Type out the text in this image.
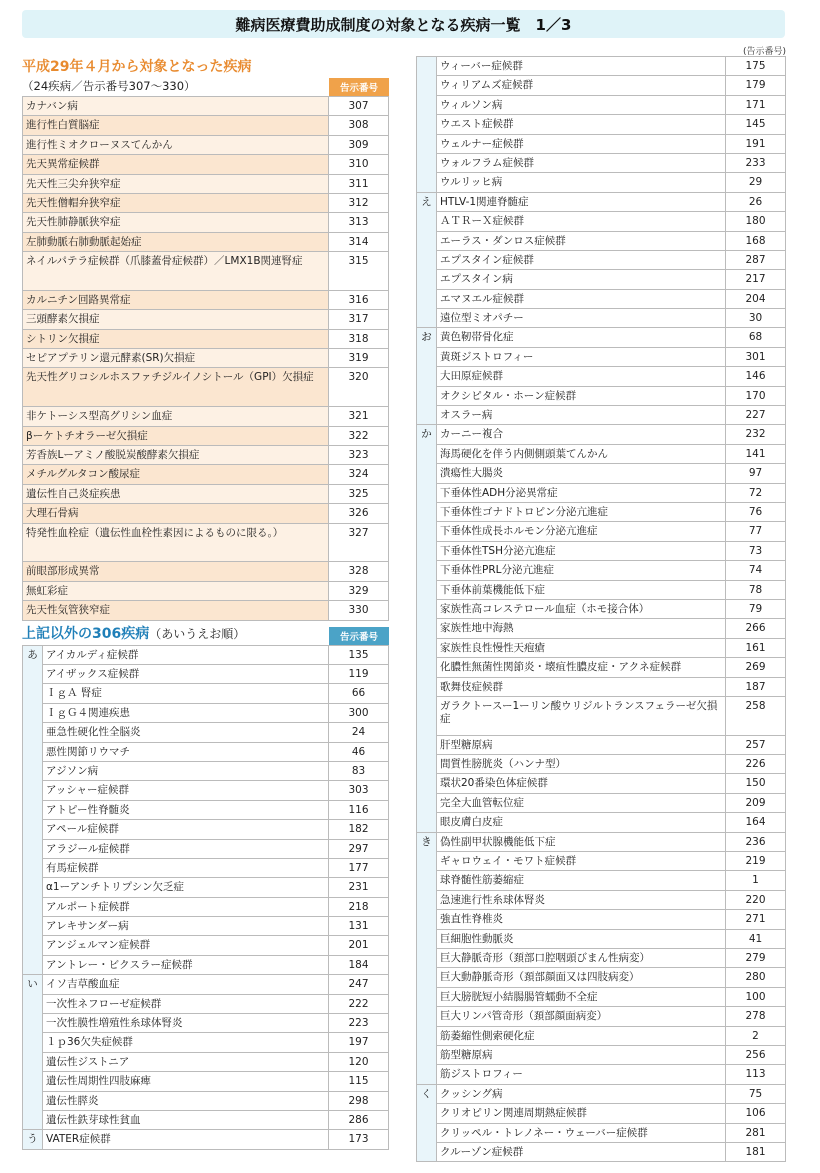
難病医療費助成制度の対象となる疾病一覧　1／3
平成29年４月から対象となった疾病
（24疾病／告示番号307～330）	告示番号
カナバン病	307
進行性白質脳症	308
進行性ミオクローヌスてんかん	309
先天異常症候群	310
先天性三尖弁狭窄症	311
先天性僧帽弁狭窄症	312
先天性肺静脈狭窄症	313
左肺動脈右肺動脈起始症	314
ネイルパテラ症候群（爪膝蓋骨症候群）／LMX1B関連腎症	315
カルニチン回路異常症	316
三頭酵素欠損症	317
シトリン欠損症	318
セピアプテリン還元酵素(SR)欠損症	319
先天性グリコシルホスファチジルイノシトール（GPI）欠損症	320
非ケトーシス型高グリシン血症	321
βーケトチオラーゼ欠損症	322
芳香族Lーアミノ酸脱炭酸酵素欠損症	323
メチルグルタコン酸尿症	324
遺伝性自己炎症疾患	325
大理石骨病	326
特発性血栓症（遺伝性血栓性素因によるものに限る。）	327
前眼部形成異常	328
無虹彩症	329
先天性気管狭窄症	330
上記以外の306疾病（あいうえお順）	告示番号
あ	アイカルディ症候群	135
	アイザックス症候群	119
	ＩｇＡ 腎症	66
	ＩｇＧ４関連疾患	300
	亜急性硬化性全脳炎	24
	悪性関節リウマチ	46
	アジソン病	83
	アッシャー症候群	303
	アトピー性脊髄炎	116
	アペール症候群	182
	アラジール症候群	297
	有馬症候群	177
	α1ーアンチトリプシン欠乏症	231
	アルポート症候群	218
	アレキサンダー病	131
	アンジェルマン症候群	201
	アントレー・ビクスラー症候群	184
い	イソ吉草酸血症	247
	一次性ネフローゼ症候群	222
	一次性膜性増殖性糸球体腎炎	223
	１ｐ36欠失症候群	197
	遺伝性ジストニア	120
	遺伝性周期性四肢麻痺	115
	遺伝性膵炎	298
	遺伝性鉄芽球性貧血	286
う	VATER症候群	173
(告示番号)
	ウィーバー症候群	175
	ウィリアムズ症候群	179
	ウィルソン病	171
	ウエスト症候群	145
	ウェルナー症候群	191
	ウォルフラム症候群	233
	ウルリッヒ病	29
え	HTLV-1関連脊髄症	26
	ＡＴＲーＸ症候群	180
	エーラス・ダンロス症候群	168
	エプスタイン症候群	287
	エプスタイン病	217
	エマヌエル症候群	204
	遠位型ミオパチー	30
お	黄色靭帯骨化症	68
	黄斑ジストロフィー	301
	大田原症候群	146
	オクシピタル・ホーン症候群	170
	オスラー病	227
か	カーニー複合	232
	海馬硬化を伴う内側側頭葉てんかん	141
	潰瘍性大腸炎	97
	下垂体性ADH分泌異常症	72
	下垂体性ゴナドトロピン分泌亢進症	76
	下垂体性成長ホルモン分泌亢進症	77
	下垂体性TSH分泌亢進症	73
	下垂体性PRL分泌亢進症	74
	下垂体前葉機能低下症	78
	家族性高コレステロール血症（ホモ接合体）	79
	家族性地中海熱	266
	家族性良性慢性天疱瘡	161
	化膿性無菌性関節炎・壊疽性膿皮症・アクネ症候群	269
	歌舞伎症候群	187
	ガラクトースー1ーリン酸ウリジルトランスフェラーゼ欠損症	258
	肝型糖原病	257
	間質性膀胱炎（ハンナ型）	226
	環状20番染色体症候群	150
	完全大血管転位症	209
	眼皮膚白皮症	164
き	偽性副甲状腺機能低下症	236
	ギャロウェイ・モワト症候群	219
	球脊髄性筋萎縮症	1
	急速進行性糸球体腎炎	220
	強直性脊椎炎	271
	巨細胞性動脈炎	41
	巨大静脈奇形（頚部口腔咽頭びまん性病変）	279
	巨大動静脈奇形（頚部顔面又は四肢病変）	280
	巨大膀胱短小結腸腸管蠕動不全症	100
	巨大リンパ管奇形（頚部顔面病変）	278
	筋萎縮性側索硬化症	2
	筋型糖原病	256
	筋ジストロフィー	113
く	クッシング病	75
	クリオピリン関連周期熱症候群	106
	クリッペル・トレノネー・ウェーバー症候群	281
	クルーゾン症候群	181
